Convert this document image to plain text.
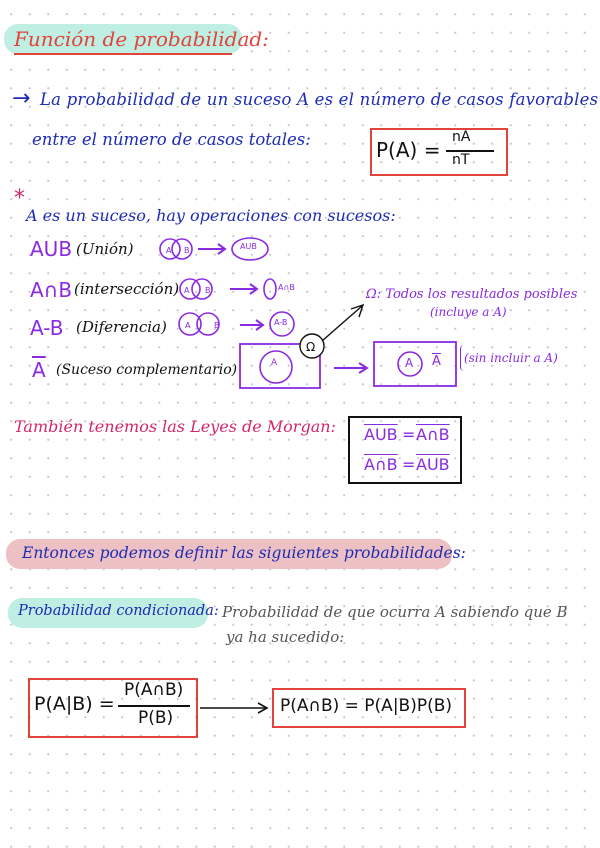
Función de probabilidad:
→ La probabilidad de un suceso A es el número de casos favorables
entre el número de casos totales:	P(A) =
nA
nT
*
A es un suceso, hay operaciones con sucesos:
AUB (Unión)	A B	AUB
A∩B (intersección) A B	A∩B
A-B (Diferencia) A	B	A-B
$\overline{A}$ (Suceso complementario)	A
Ω
A $\overline{A}$
Ω: Todos los resultados posibles
(incluye a A)
(sin incluir a A)
También tenemos las Leyes de Morgan: $\overline{AUB}$ = A∩B
A∩B = $\overline{AUB}$
Entonces podemos definir las siguientes probabilidades:
Probabilidad condicionada: Probabilidad de que ocurra A sabiendo que B
ya ha sucedido:
P(A|B) =
P(A∩B)
P(B)
P(A∩B) = P(A|B)P(B)
